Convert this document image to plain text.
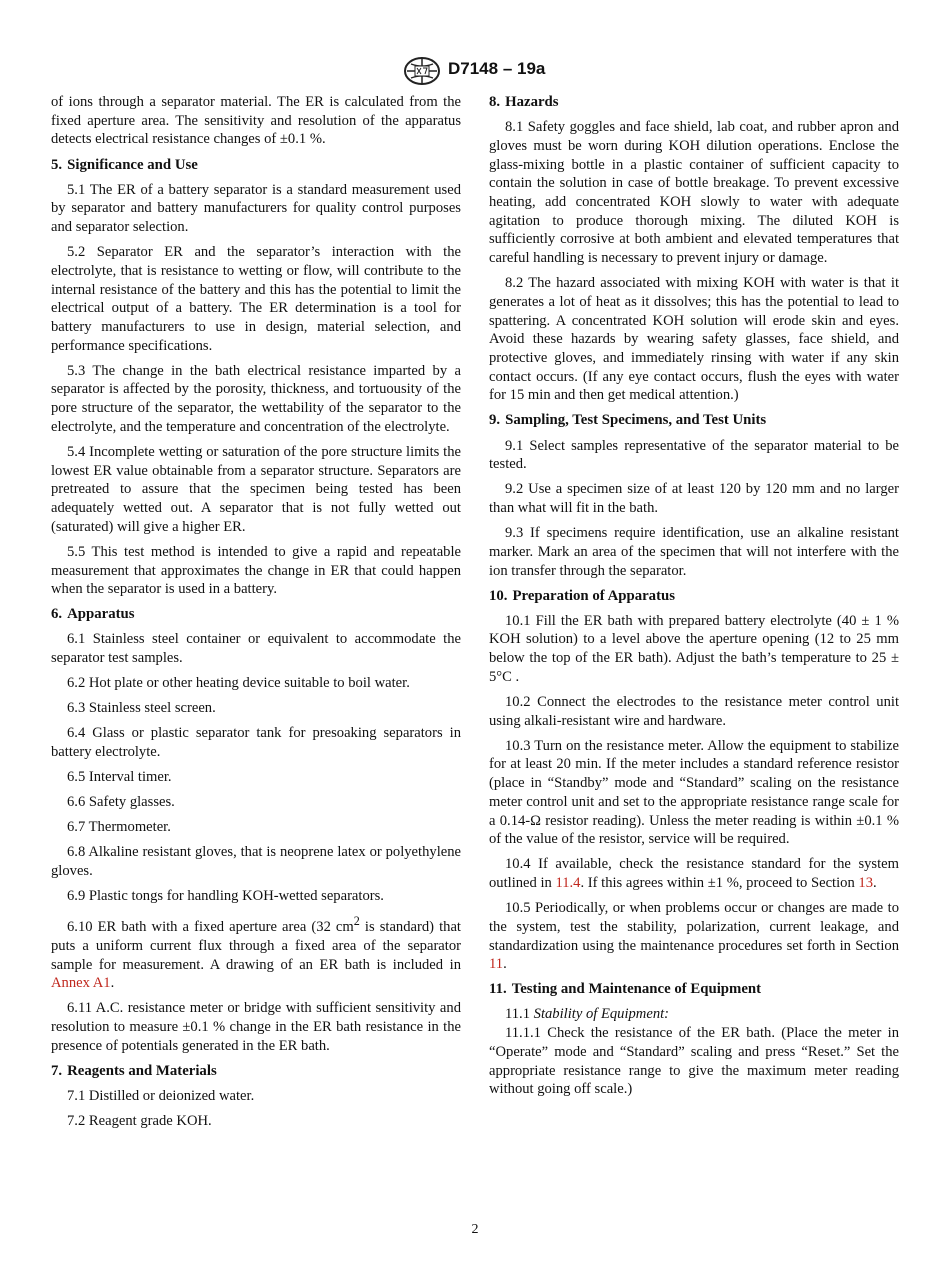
D7148 – 19a

of ions through a separator material. The ER is calculated from the fixed aperture area. The sensitivity and resolution of the apparatus detects electrical resistance changes of ±0.1 %.

5. Significance and Use

5.1 The ER of a battery separator is a standard measurement used by separator and battery manufacturers for quality control purposes and separator selection.

5.2 Separator ER and the separator’s interaction with the electrolyte, that is resistance to wetting or flow, will contribute to the internal resistance of the battery and this has the potential to limit the electrical output of a battery. The ER determination is a tool for battery manufacturers to use in design, material selection, and performance specifications.

5.3 The change in the bath electrical resistance imparted by a separator is affected by the porosity, thickness, and tortuousity of the pore structure of the separator, the wettability of the separator to the electrolyte, and the temperature and concentration of the electrolyte.

5.4 Incomplete wetting or saturation of the pore structure limits the lowest ER value obtainable from a separator structure. Separators are pretreated to assure that the specimen being tested has been adequately wetted out. A separator that is not fully wetted out (saturated) will give a higher ER.

5.5 This test method is intended to give a rapid and repeatable measurement that approximates the change in ER that could happen when the separator is used in a battery.

6. Apparatus

6.1 Stainless steel container or equivalent to accommodate the separator test samples.

6.2 Hot plate or other heating device suitable to boil water.

6.3 Stainless steel screen.

6.4 Glass or plastic separator tank for presoaking separators in battery electrolyte.

6.5 Interval timer.

6.6 Safety glasses.

6.7 Thermometer.

6.8 Alkaline resistant gloves, that is neoprene latex or polyethylene gloves.

6.9 Plastic tongs for handling KOH-wetted separators.

6.10 ER bath with a fixed aperture area (32 $cm^2$ is standard) that puts a uniform current flux through a fixed area of the separator sample for measurement. A drawing of an ER bath is included in Annex A1.

6.11 A.C. resistance meter or bridge with sufficient sensitivity and resolution to measure ±0.1 % change in the ER bath resistance in the presence of potentials generated in the ER bath.

7. Reagents and Materials

7.1 Distilled or deionized water.

7.2 Reagent grade KOH.

8. Hazards

8.1 Safety goggles and face shield, lab coat, and rubber apron and gloves must be worn during KOH dilution operations. Enclose the glass-mixing bottle in a plastic container of sufficient capacity to contain the solution in case of bottle breakage. To prevent excessive heating, add concentrated KOH slowly to water with adequate agitation to produce thorough mixing. The diluted KOH is sufficiently corrosive at both ambient and elevated temperatures that careful handling is necessary to prevent injury or damage.

8.2 The hazard associated with mixing KOH with water is that it generates a lot of heat as it dissolves; this has the potential to lead to spattering. A concentrated KOH solution will erode skin and eyes. Avoid these hazards by wearing safety glasses, face shield, and protective gloves, and immediately rinsing with water if any skin contact occurs. (If any eye contact occurs, flush the eyes with water for 15 min and then get medical attention.)

9. Sampling, Test Specimens, and Test Units

9.1 Select samples representative of the separator material to be tested.

9.2 Use a specimen size of at least 120 by 120 mm and no larger than what will fit in the bath.

9.3 If specimens require identification, use an alkaline resistant marker. Mark an area of the specimen that will not interfere with the ion transfer through the separator.

10. Preparation of Apparatus

10.1 Fill the ER bath with prepared battery electrolyte (40 ± 1 % KOH solution) to a level above the aperture opening (12 to 25 mm below the top of the ER bath). Adjust the bath’s temperature to 25 ± 5°C .

10.2 Connect the electrodes to the resistance meter control unit using alkali-resistant wire and hardware.

10.3 Turn on the resistance meter. Allow the equipment to stabilize for at least 20 min. If the meter includes a standard reference resistor (place in “Standby” mode and “Standard” scaling on the resistance meter control unit and set to the appropriate resistance range scale for a 0.14-Ω resistor reading). Unless the meter reading is within ±0.1 % of the value of the resistor, service will be required.

10.4 If available, check the resistance standard for the system outlined in 11.4. If this agrees within ±1 %, proceed to Section 13.

10.5 Periodically, or when problems occur or changes are made to the system, test the stability, polarization, current leakage, and standardization using the maintenance procedures set forth in Section 11.

11. Testing and Maintenance of Equipment

11.1 Stability of Equipment:

11.1.1 Check the resistance of the ER bath. (Place the meter in “Operate” mode and “Standard” scaling and press “Reset.” Set the appropriate resistance range to give the maximum meter reading without going off scale.)

2
